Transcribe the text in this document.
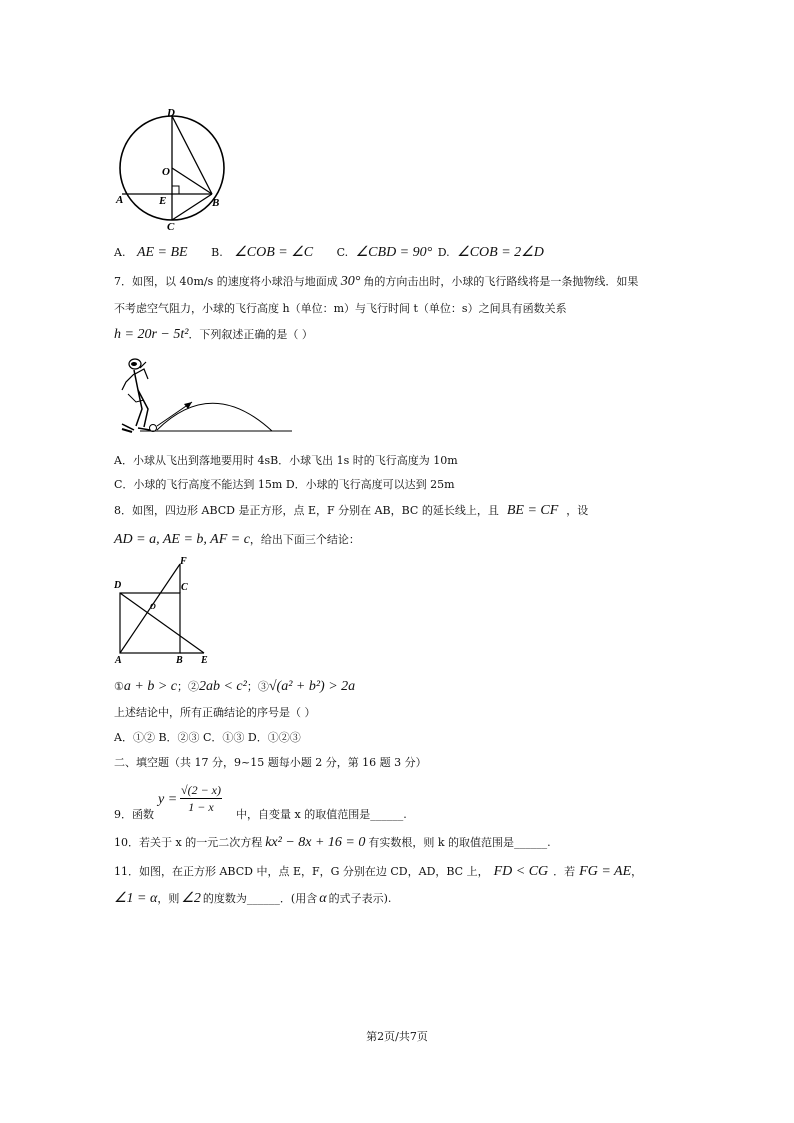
D
O
A	E	B
C
A. AE = BE B. ∠COB = ∠C C. ∠CBD = 90° D. ∠COB = 2∠D
7．如图，以 40m/s 的速度将小球沿与地面成 30° 角的方向击出时，小球的飞行路线将是一条抛物线．如果
不考虑空气阻力，小球的飞行高度 h（单位：m）与飞行时间 t（单位：s）之间具有函数关系
h = 20r − 5t²．下列叙述正确的是（ ）
A．小球从飞出到落地要用时 4sB．小球飞出 1s 时的飞行高度为 10m
C．小球的飞行高度不能达到 15m D．小球的飞行高度可以达到 25m
8．如图，四边形 ABCD 是正方形，点 E，F 分别在 AB，BC 的延长线上，且 BE = CF ，设
AD = a, AE = b, AF = c，给出下面三个结论：
F
D	C
O
A	B E
①a + b > c；②2ab < c²；③√(a² + b²) > 2a
上述结论中，所有正确结论的序号是（ ）
A．①② B．②③ C．①③ D．①②③
二、填空题（共 17 分，9~15 题每小题 2 分，第 16 题 3 分）
9．函数
$y = \frac{√(2 - x)}{1 - x}$ 中，自变量 x 的取值范围是______.
10．若关于 x 的一元二次方程 kx² − 8x + 16 = 0 有实数根，则 k 的取值范围是______.
11．如图，在正方形 ABCD 中，点 E，F，G 分别在边 CD，AD，BC 上， FD < CG ．若 FG = AE，
∠1 = α，则 ∠2 的度数为______．(用含 α 的式子表示).
第2页/共7页
